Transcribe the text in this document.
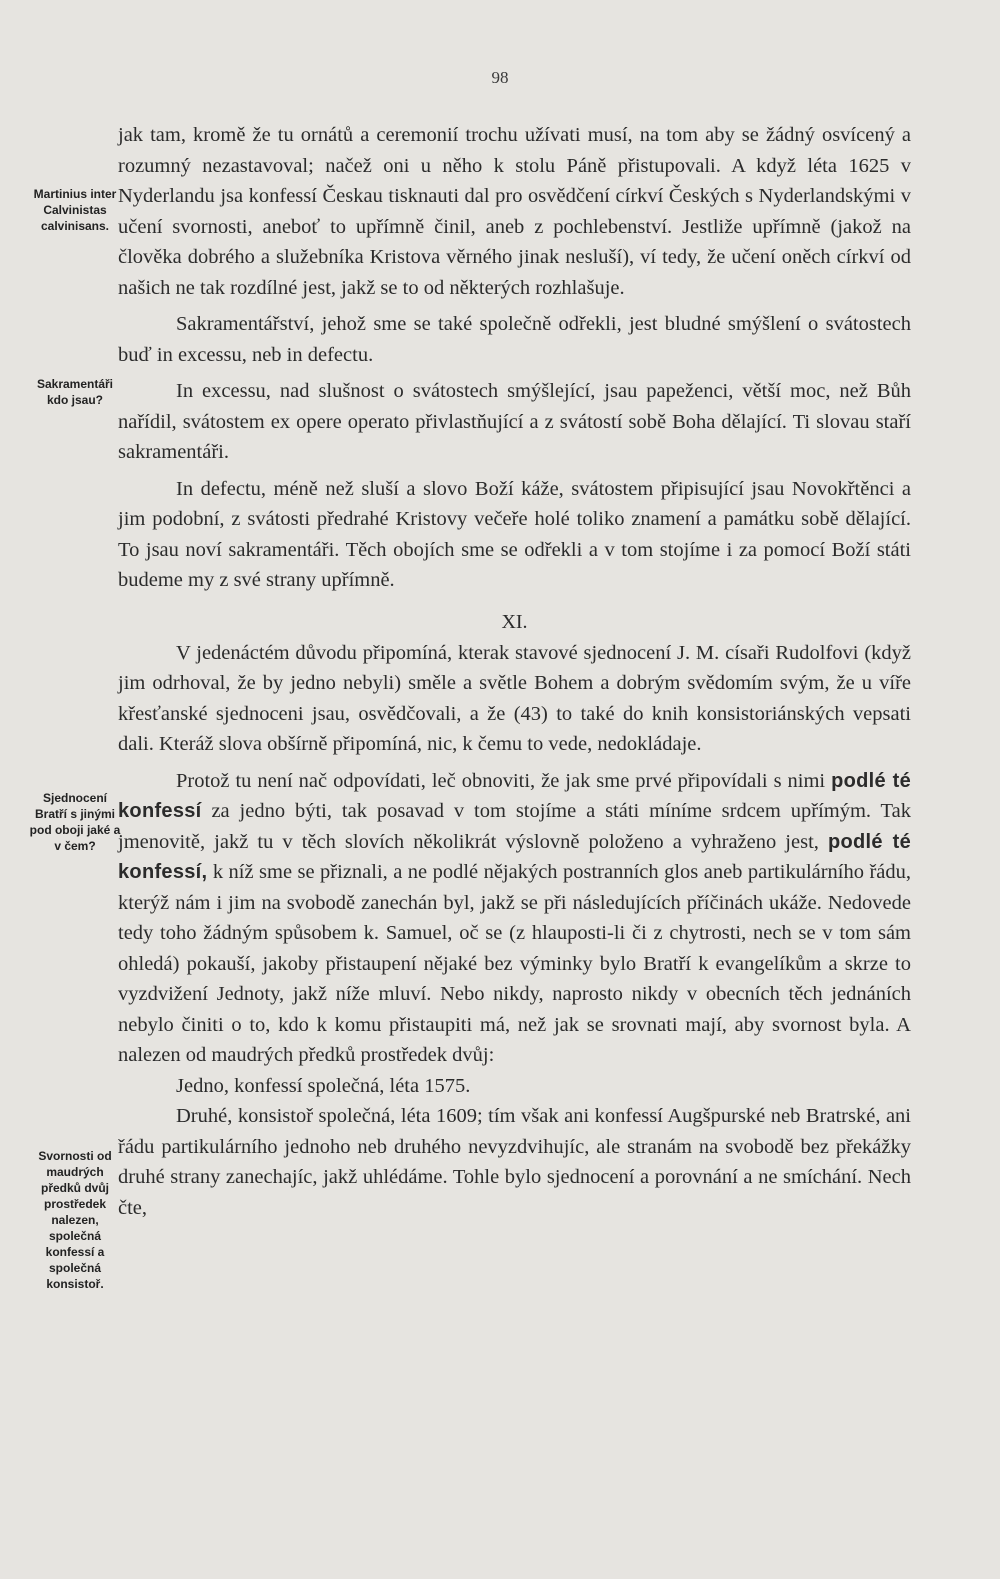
98
Martinius inter Calvinistas calvinisans.
Sakramentáři kdo jsau?
Sjednocení Bratří s jinými pod oboji jaké a v čem?
Svornosti od maudrých předků dvůj prostředek nalezen, společná konfessí a společná konsistoř.

jak tam, kromě že tu ornátů a ceremonií trochu užívati musí, na tom aby se žádný osvícený a rozumný nezastavoval; načež oni u něho k stolu Páně přistupovali. A když léta 1625 v Nyderlandu jsa konfessí Českau tisknauti dal pro osvědčení církví Českých s Nyderlandskými v učení svornosti, aneboť to upřímně činil, aneb z pochlebenství. Jestliže upřímně (jakož na člověka dobrého a služebníka Kristova věrného jinak nesluší), ví tedy, že učení oněch církví od našich ne tak rozdílné jest, jakž se to od některých rozhlašuje.

Sakramentářství, jehož sme se také společně odřekli, jest bludné smýšlení o svátostech buď in excessu, neb in defectu.

In excessu, nad slušnost o svátostech smýšlející, jsau papeženci, větší moc, než Bůh nařídil, svátostem ex opere operato přivlastňující a z svátostí sobě Boha dělající. Ti slovau staří sakramentáři.

In defectu, méně než sluší a slovo Boží káže, svátostem připisující jsau Novokřtěnci a jim podobní, z svátosti předrahé Kristovy večeře holé toliko znamení a památku sobě dělající. To jsau noví sakramentáři. Těch obojích sme se odřekli a v tom stojíme i za pomocí Boží státi budeme my z své strany upřímně.

XI.

V jedenáctém důvodu připomíná, kterak stavové sjednocení J. M. císaři Rudolfovi (když jim odrhoval, že by jedno nebyli) směle a světle Bohem a dobrým svědomím svým, že u víře křesťanské sjednoceni jsau, osvědčovali, a že (43) to také do knih konsistoriánských vepsati dali. Kteráž slova obšírně připomíná, nic, k čemu to vede, nedokládaje.

Protož tu není nač odpovídati, leč obnoviti, že jak sme prvé připovídali s nimi podlé té konfessí za jedno býti, tak posavad v tom stojíme a státi míníme srdcem upřímým. Tak jmenovitě, jakž tu v těch slovích několikrát výslovně položeno a vyhraženo jest, podlé té konfessí, k níž sme se přiznali, a ne podlé nějakých postranních glos aneb partikulárního řádu, kterýž nám i jim na svobodě zanechán byl, jakž se při následujících příčinách ukáže. Nedovede tedy toho žádným spůsobem k. Samuel, oč se (z hlauposti-li či z chytrosti, nech se v tom sám ohledá) pokauší, jakoby přistaupení nějaké bez výminky bylo Bratří k evangelíkům a skrze to vyzdvižení Jednoty, jakž níže mluví. Nebo nikdy, naprosto nikdy v obecních těch jednáních nebylo činiti o to, kdo k komu přistaupiti má, než jak se srovnati mají, aby svornost byla. A nalezen od maudrých předků prostředek dvůj:

Jedno, konfessí společná, léta 1575.

Druhé, konsistoř společná, léta 1609; tím však ani konfessí Augšpurské neb Bratrské, ani řádu partikulárního jednoho neb druhého nevyzdvihujíc, ale stranám na svobodě bez překážky druhé strany zanechajíc, jakž uhlédáme. Tohle bylo sjednocení a porovnání a ne smíchání. Nech čte,
